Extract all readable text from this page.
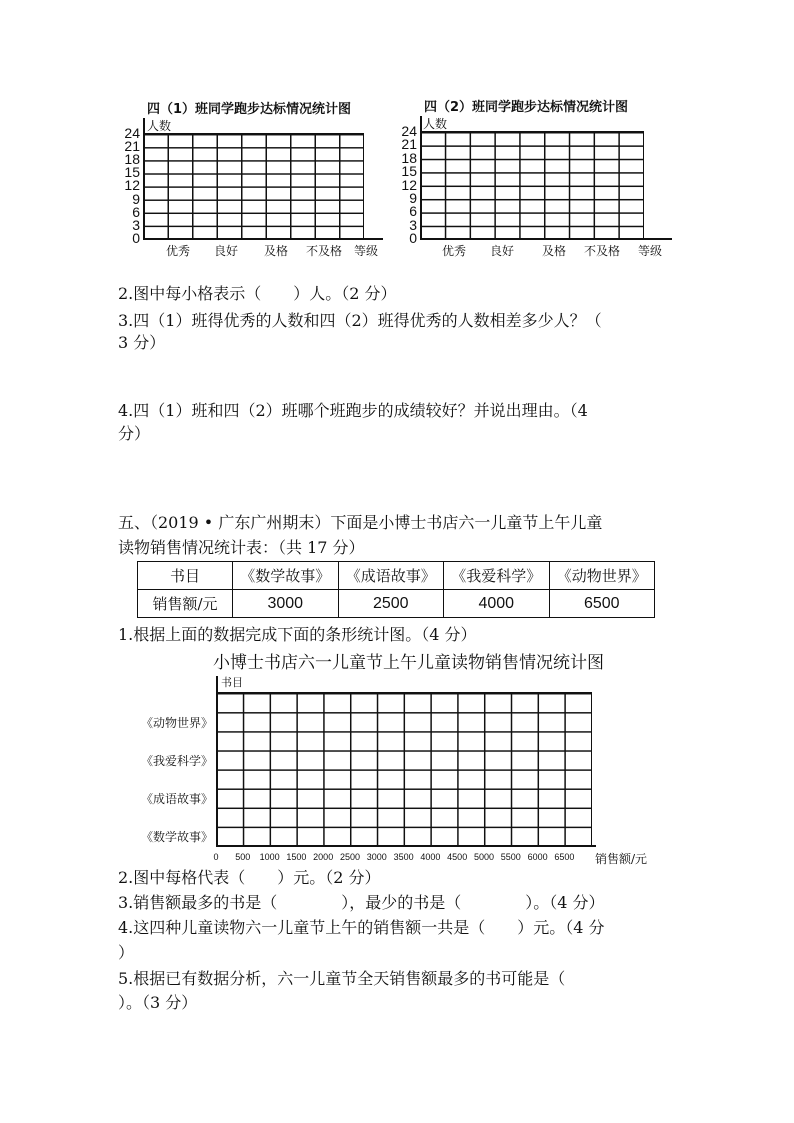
四（1）班同学跑步达标情况统计图
人数
24
21
18
15
12
9
6
3
0
优秀 良好 及格 不及格 等级
四（2）班同学跑步达标情况统计图
人数
24
21
18
15
12
9
6
3
0
优秀 良好 及格 不及格 等级
2.图中每小格表示（　　）人。（2 分）
3.四（1）班得优秀的人数和四（2）班得优秀的人数相差多少人？（
3 分）
4.四（1）班和四（2）班哪个班跑步的成绩较好？并说出理由。（4
分）
五、（2019 • 广东广州期末）下面是小博士书店六一儿童节上午儿童
读物销售情况统计表：（共 17 分）
书目	《数学故事》	《成语故事》	《我爱科学》	《动物世界》
销售额/元	3000	2500	4000	6500
1.根据上面的数据完成下面的条形统计图。（4 分）
小博士书店六一儿童节上午儿童读物销售情况统计图
书目
《动物世界》
《我爱科学》
《成语故事》
《数学故事》
0 500 1000 1500 2000 2500 3000 3500 4000 4500 5000 5500 6000 6500 销售额/元
2.图中每格代表（　　）元。（2 分）
3.销售额最多的书是（　　　　），最少的书是（　　　　）。（4 分）
4.这四种儿童读物六一儿童节上午的销售额一共是（　　）元。（4 分
）
5.根据已有数据分析，六一儿童节全天销售额最多的书可能是（
）。（3 分）
